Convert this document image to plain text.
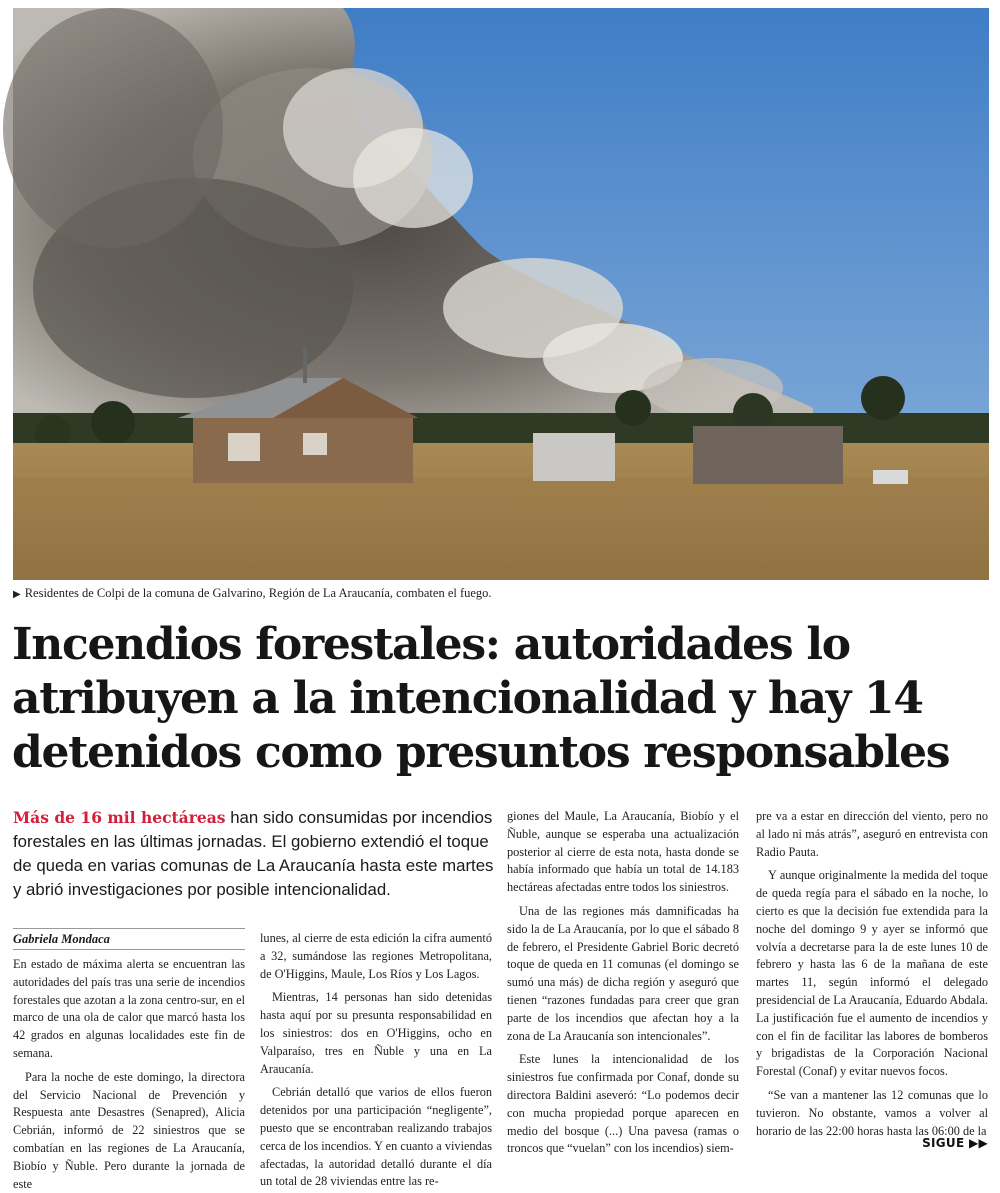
▶ Residentes de Colpi de la comuna de Galvarino, Región de La Araucanía, combaten el fuego.
Incendios forestales: autoridades lo
atribuyen a la intencionalidad y hay 14
detenidos como presuntos responsables
Más de 16 mil hectáreas han sido consumidas por incendios forestales en las últimas jornadas. El gobierno extendió el toque de queda en varias comunas de La Araucanía hasta este martes y abrió investigaciones por posible intencionalidad.
Gabriela Mondaca

En estado de máxima alerta se encuentran las autoridades del país tras una serie de incendios forestales que azotan a la zona centro-sur, en el marco de una ola de calor que marcó hasta los 42 grados en algunas localidades este fin de semana.

Para la noche de este domingo, la directora del Servicio Nacional de Prevención y Respuesta ante Desastres (Senapred), Alicia Cebrián, informó de 22 siniestros que se combatían en las regiones de La Araucanía, Biobío y Ñuble. Pero durante la jornada de este

lunes, al cierre de esta edición la cifra aumentó a 32, sumándose las regiones Metropolitana, de O'Higgins, Maule, Los Ríos y Los Lagos.

Mientras, 14 personas han sido detenidas hasta aquí por su presunta responsabilidad en los siniestros: dos en O'Higgins, ocho en Valparaíso, tres en Ñuble y una en La Araucanía.

Cebrián detalló que varios de ellos fueron detenidos por una participación “negligente”, puesto que se encontraban realizando trabajos cerca de los incendios. Y en cuanto a viviendas afectadas, la autoridad detalló durante el día un total de 28 viviendas entre las re-

giones del Maule, La Araucanía, Biobío y el Ñuble, aunque se esperaba una actualización posterior al cierre de esta nota, hasta donde se había informado que había un total de 14.183 hectáreas afectadas entre todos los siniestros.

Una de las regiones más damnificadas ha sido la de La Araucanía, por lo que el sábado 8 de febrero, el Presidente Gabriel Boric decretó toque de queda en 11 comunas (el domingo se sumó una más) de dicha región y aseguró que tienen “razones fundadas para creer que gran parte de los incendios que afectan hoy a la zona de La Araucanía son intencionales”.

Este lunes la intencionalidad de los siniestros fue confirmada por Conaf, donde su directora Baldini aseveró: “Lo podemos decir con mucha propiedad porque aparecen en medio del bosque (...) Una pavesa (ramas o troncos que “vuelan” con los incendios) siem-

pre va a estar en dirección del viento, pero no al lado ni más atrás”, aseguró en entrevista con Radio Pauta.

Y aunque originalmente la medida del toque de queda regía para el sábado en la noche, lo cierto es que la decisión fue extendida para la noche del domingo 9 y ayer se informó que volvía a decretarse para la de este lunes 10 de febrero y hasta las 6 de la mañana de este martes 11, según informó el delegado presidencial de La Araucanía, Eduardo Abdala. La justificación fue el aumento de incendios y con el fin de facilitar las labores de bomberos y brigadistas de la Corporación Nacional Forestal (Conaf) y evitar nuevos focos.

“Se van a mantener las 12 comunas que lo tuvieron. No obstante, vamos a volver al horario de las 22:00 horas hasta las 06:00 de la

SIGUE ▶▶
